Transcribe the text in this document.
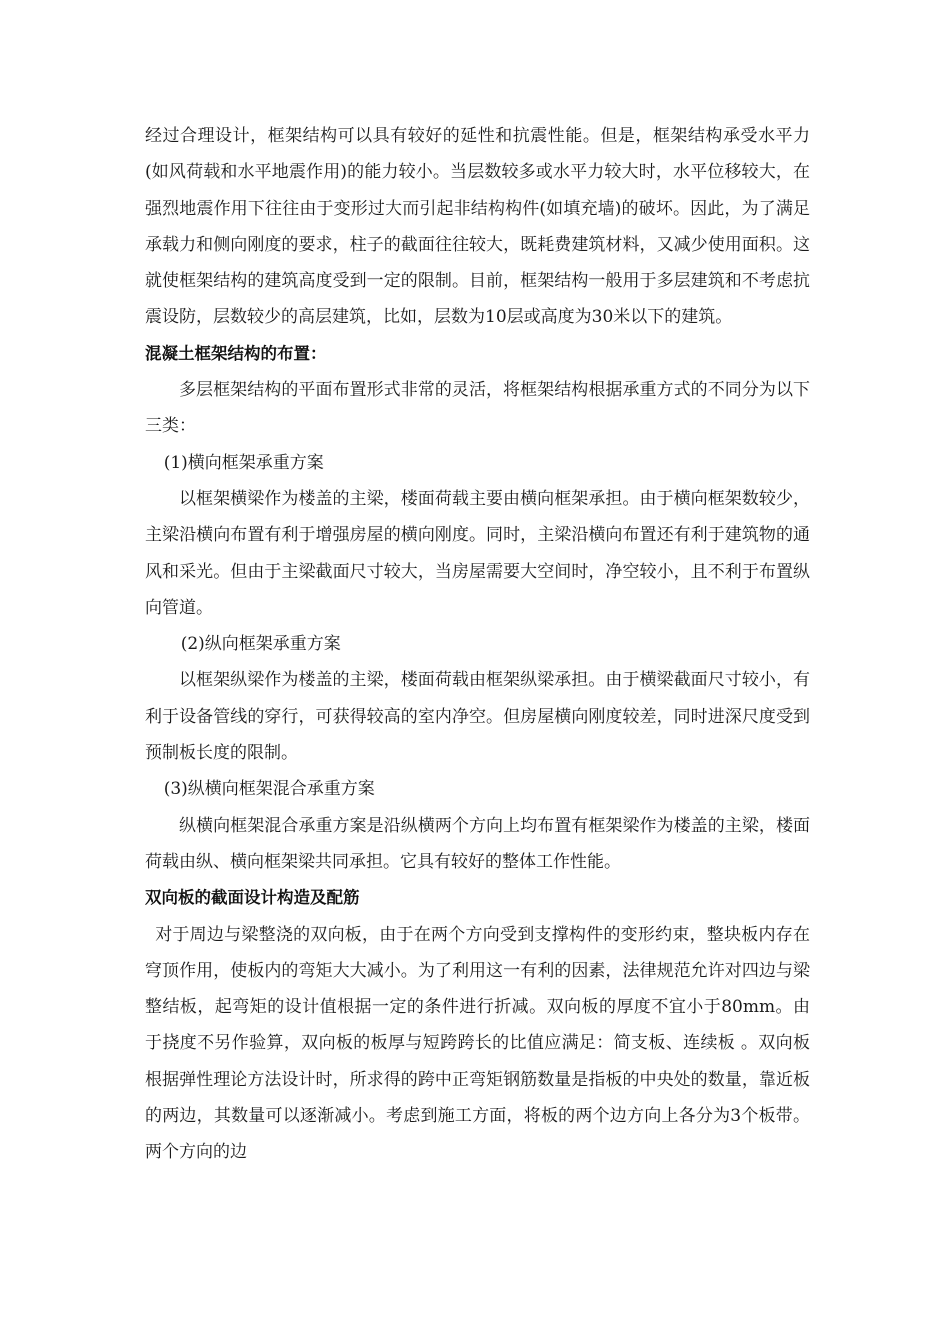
经过合理设计，框架结构可以具有较好的延性和抗震性能。但是，框架结构承受水平力(如风荷载和水平地震作用)的能力较小。当层数较多或水平力较大时，水平位移较大，在强烈地震作用下往往由于变形过大而引起非结构构件(如填充墙)的破坏。因此，为了满足承载力和侧向刚度的要求，柱子的截面往往较大，既耗费建筑材料，又减少使用面积。这就使框架结构的建筑高度受到一定的限制。目前，框架结构一般用于多层建筑和不考虑抗震设防，层数较少的高层建筑，比如，层数为10层或高度为30米以下的建筑。

混凝土框架结构的布置：

多层框架结构的平面布置形式非常的灵活，将框架结构根据承重方式的不同分为以下三类：

(1)横向框架承重方案

以框架横梁作为楼盖的主梁，楼面荷载主要由横向框架承担。由于横向框架数较少，主梁沿横向布置有利于增强房屋的横向刚度。同时，主梁沿横向布置还有利于建筑物的通风和采光。但由于主梁截面尺寸较大，当房屋需要大空间时，净空较小，且不利于布置纵向管道。

(2)纵向框架承重方案

以框架纵梁作为楼盖的主梁，楼面荷载由框架纵梁承担。由于横梁截面尺寸较小，有利于设备管线的穿行，可获得较高的室内净空。但房屋横向刚度较差，同时进深尺度受到预制板长度的限制。

(3)纵横向框架混合承重方案

纵横向框架混合承重方案是沿纵横两个方向上均布置有框架梁作为楼盖的主梁，楼面荷载由纵、横向框架梁共同承担。它具有较好的整体工作性能。

双向板的截面设计构造及配筋

对于周边与梁整浇的双向板，由于在两个方向受到支撑构件的变形约束，整块板内存在穹顶作用，使板内的弯矩大大减小。为了利用这一有利的因素，法律规范允许对四边与梁整结板，起弯矩的设计值根据一定的条件进行折减。双向板的厚度不宜小于80mm。由于挠度不另作验算，双向板的板厚与短跨跨长的比值应满足：简支板、连续板 。双向板根据弹性理论方法设计时，所求得的跨中正弯矩钢筋数量是指板的中央处的数量，靠近板的两边，其数量可以逐渐减小。考虑到施工方面，将板的两个边方向上各分为3个板带。两个方向的边
